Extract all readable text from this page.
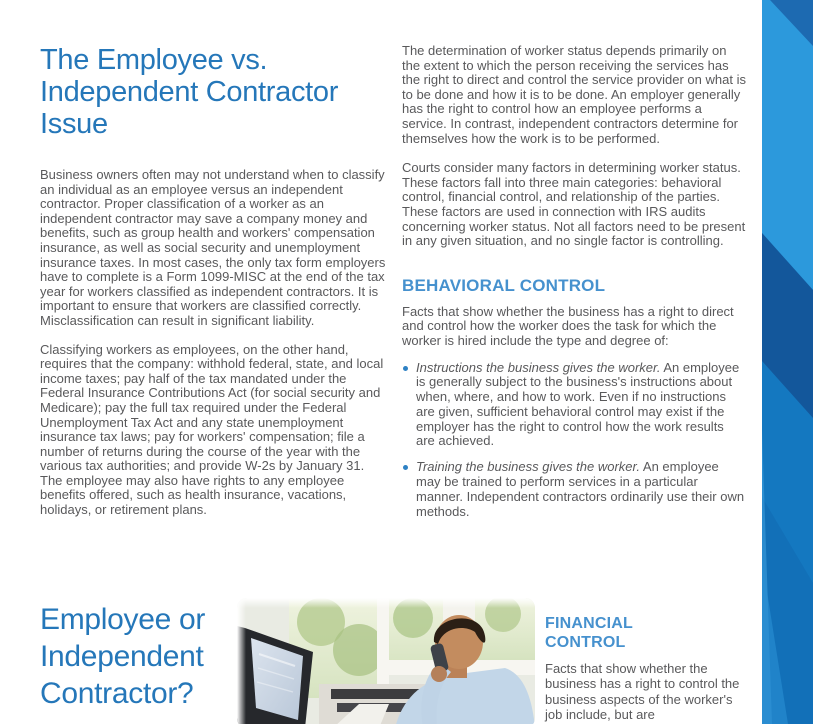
The Employee vs.
Independent Contractor
Issue

Business owners often may not understand when to classify an individual as an employee versus an independent contractor. Proper classification of a worker as an independent contractor may save a company money and benefits, such as group health and workers' compensation insurance, as well as social security and unemployment insurance taxes. In most cases, the only tax form employers have to complete is a Form 1099-MISC at the end of the tax year for workers classified as independent contractors. It is important to ensure that workers are classified correctly. Misclassification can result in significant liability.

Classifying workers as employees, on the other hand, requires that the company: withhold federal, state, and local income taxes; pay half of the tax mandated under the Federal Insurance Contributions Act (for social security and Medicare); pay the full tax required under the Federal Unemployment Tax Act and any state unemployment insurance tax laws; pay for workers' compensation; file a number of returns during the course of the year with the various tax authorities; and provide W-2s by January 31. The employee may also have rights to any employee benefits offered, such as health insurance, vacations, holidays, or retirement plans.

Employee or
Independent
Contractor?

The determination of worker status depends primarily on the extent to which the person receiving the services has the right to direct and control the service provider on what is to be done and how it is to be done. An employer generally has the right to control how an employee performs a service. In contrast, independent contractors determine for themselves how the work is to be performed.

Courts consider many factors in determining worker status. These factors fall into three main categories: behavioral control, financial control, and relationship of the parties. These factors are used in connection with IRS audits concerning worker status. Not all factors need to be present in any given situation, and no single factor is controlling.

BEHAVIORAL CONTROL

Facts that show whether the business has a right to direct and control how the worker does the task for which the worker is hired include the type and degree of:

Instructions the business gives the worker. An employee is generally subject to the business's instructions about when, where, and how to work. Even if no instructions are given, sufficient behavioral control may exist if the employer has the right to control how the work results are achieved.
Training the business gives the worker. An employee may be trained to perform services in a particular manner. Independent contractors ordinarily use their own methods.
FINANCIAL
CONTROL

Facts that show whether the business has a right to control the business aspects of the worker's job include, but are
